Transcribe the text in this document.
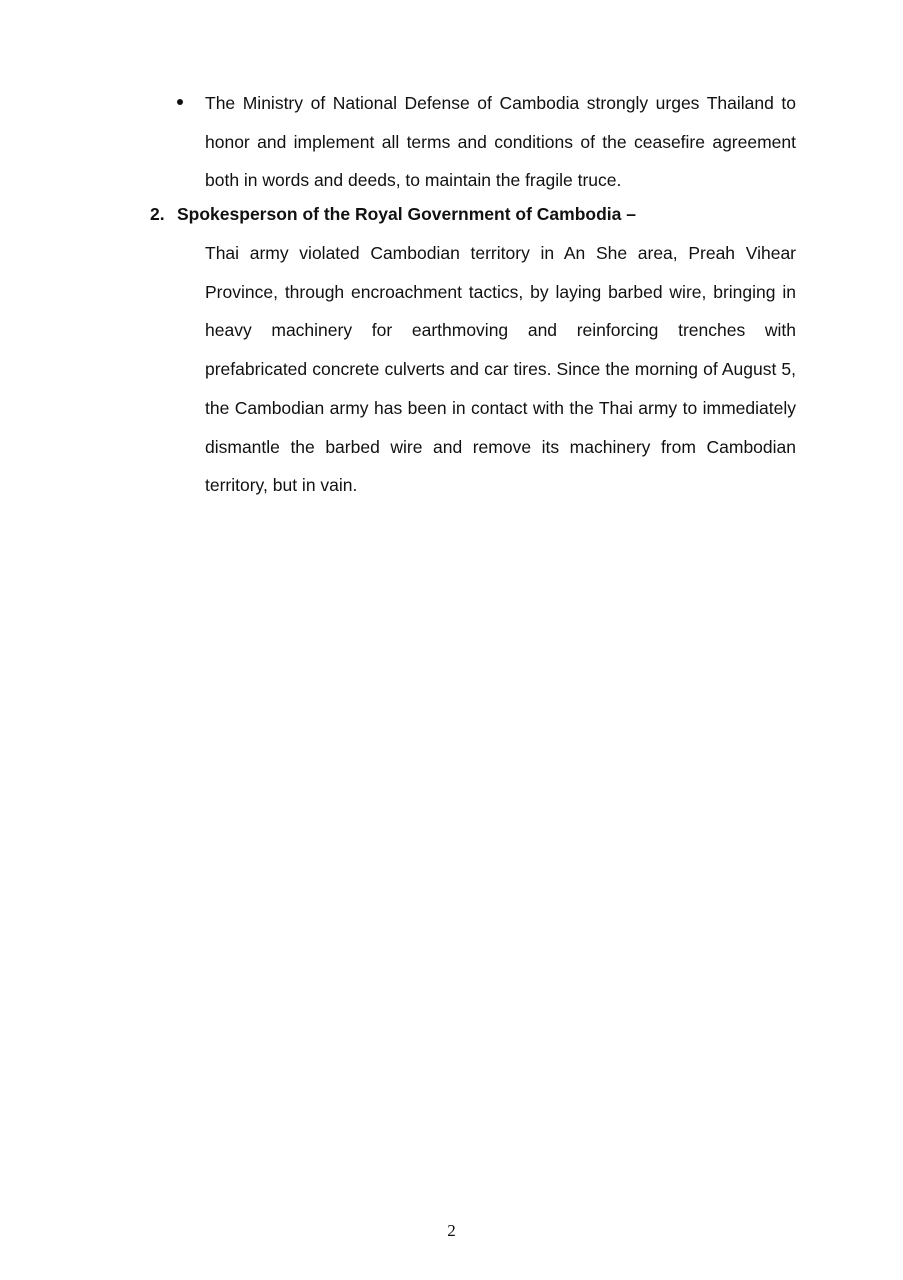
The Ministry of National Defense of Cambodia strongly urges Thailand to honor and implement all terms and conditions of the ceasefire agreement both in words and deeds, to maintain the fragile truce.

2. Spokesperson of the Royal Government of Cambodia –

Thai army violated Cambodian territory in An She area, Preah Vihear Province, through encroachment tactics, by laying barbed wire, bringing in heavy machinery for earthmoving and reinforcing trenches with prefabricated concrete culverts and car tires. Since the morning of August 5, the Cambodian army has been in contact with the Thai army to immediately dismantle the barbed wire and remove its machinery from Cambodian territory, but in vain.

2
